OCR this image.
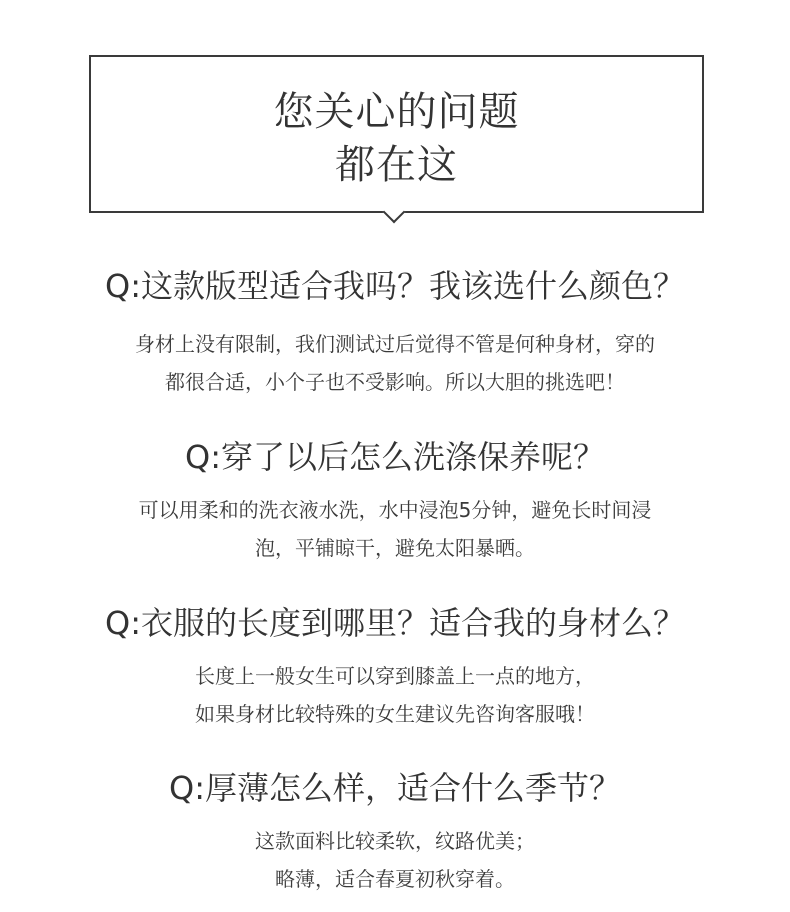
您关心的问题
都在这
Q:这款版型适合我吗？我该选什么颜色？
身材上没有限制，我们测试过后觉得不管是何种身材，穿的
都很合适，小个子也不受影响。所以大胆的挑选吧！
Q:穿了以后怎么洗涤保养呢？
可以用柔和的洗衣液水洗，水中浸泡5分钟，避免长时间浸
泡，平铺晾干，避免太阳暴晒。
Q:衣服的长度到哪里？适合我的身材么？
长度上一般女生可以穿到膝盖上一点的地方，
如果身材比较特殊的女生建议先咨询客服哦！
Q:厚薄怎么样，适合什么季节？
这款面料比较柔软，纹路优美；
略薄，适合春夏初秋穿着。
